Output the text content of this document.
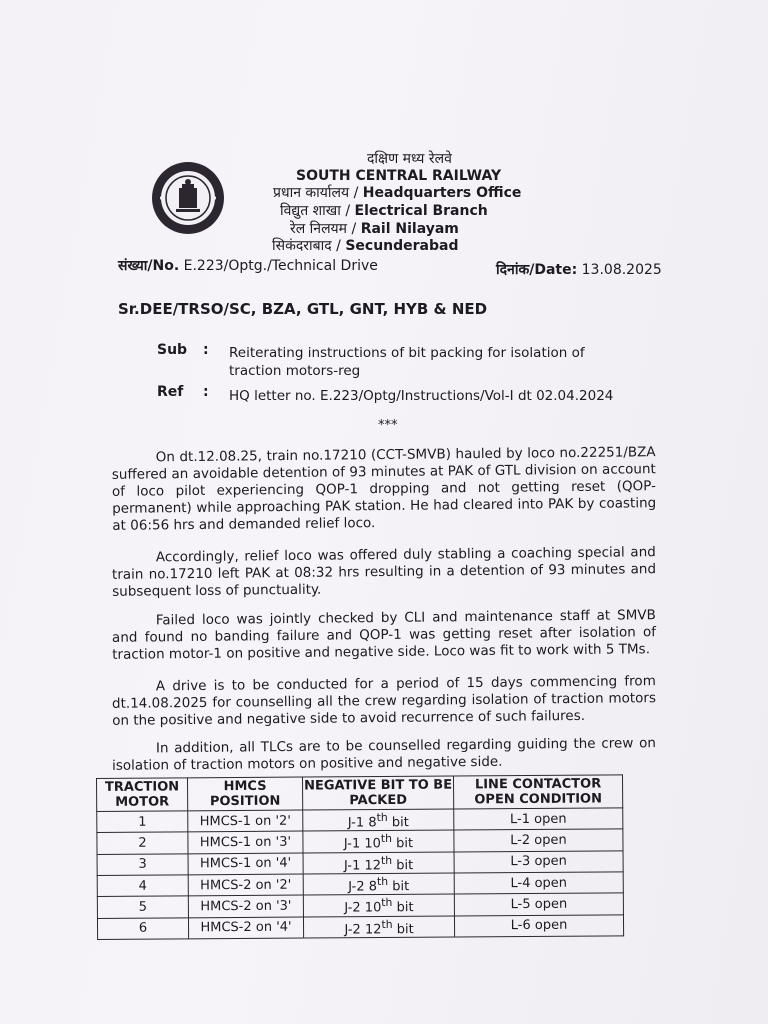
दक्षिण मध्य रेलवे
SOUTH CENTRAL RAILWAY
प्रधान कार्यालय / Headquarters Office
विद्युत शाखा / Electrical Branch
रेल निलयम / Rail Nilayam
सिकंदराबाद / Secunderabad
संख्या/No. E.223/Optg./Technical Drive	दिनांक/Date: 13.08.2025
Sr.DEE/TRSO/SC, BZA, GTL, GNT, HYB & NED
Sub : Reiterating instructions of bit packing for isolation of traction motors-reg
Ref : HQ letter no. E.223/Optg/Instructions/Vol-I dt 02.04.2024
***
On dt.12.08.25, train no.17210 (CCT-SMVB) hauled by loco no.22251/BZA suffered an avoidable detention of 93 minutes at PAK of GTL division on account of loco pilot experiencing QOP-1 dropping and not getting reset (QOP-permanent) while approaching PAK station. He had cleared into PAK by coasting at 06:56 hrs and demanded relief loco.
Accordingly, relief loco was offered duly stabling a coaching special and train no.17210 left PAK at 08:32 hrs resulting in a detention of 93 minutes and subsequent loss of punctuality.
Failed loco was jointly checked by CLI and maintenance staff at SMVB and found no banding failure and QOP-1 was getting reset after isolation of traction motor-1 on positive and negative side. Loco was fit to work with 5 TMs.
A drive is to be conducted for a period of 15 days commencing from dt.14.08.2025 for counselling all the crew regarding isolation of traction motors on the positive and negative side to avoid recurrence of such failures.
In addition, all TLCs are to be counselled regarding guiding the crew on isolation of traction motors on positive and negative side.
TRACTION MOTOR	HMCS POSITION	NEGATIVE BIT TO BE PACKED	LINE CONTACTOR OPEN CONDITION
1	HMCS-1 on '2'	J-1 8th bit	L-1 open
2	HMCS-1 on '3'	J-1 10th bit	L-2 open
3	HMCS-1 on '4'	J-1 12th bit	L-3 open
4	HMCS-2 on '2'	J-2 8th bit	L-4 open
5	HMCS-2 on '3'	J-2 10th bit	L-5 open
6	HMCS-2 on '4'	J-2 12th bit	L-6 open
